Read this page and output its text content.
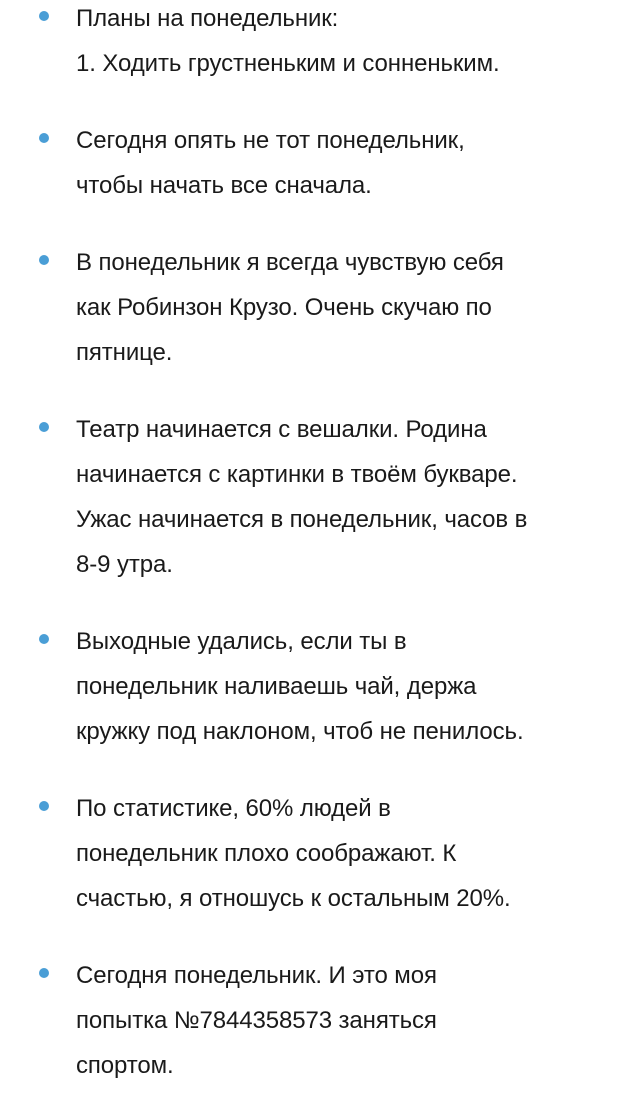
Планы на понедельник:
1. Ходить грустненьким и сонненьким.
Сегодня опять не тот понедельник,
чтобы начать все сначала.
В понедельник я всегда чувствую себя
как Робинзон Крузо. Очень скучаю по
пятнице.
Театр начинается с вешалки. Родина
начинается с картинки в твоём букваре.
Ужас начинается в понедельник, часов в
8-9 утра.
Выходные удались, если ты в
понедельник наливаешь чай, держа
кружку под наклоном, чтоб не пенилось.
По статистике, 60% людей в
понедельник плохо соображают. К
счастью, я отношусь к остальным 20%.
Сегодня понедельник. И это моя
попытка №7844358573 заняться
спортом.
